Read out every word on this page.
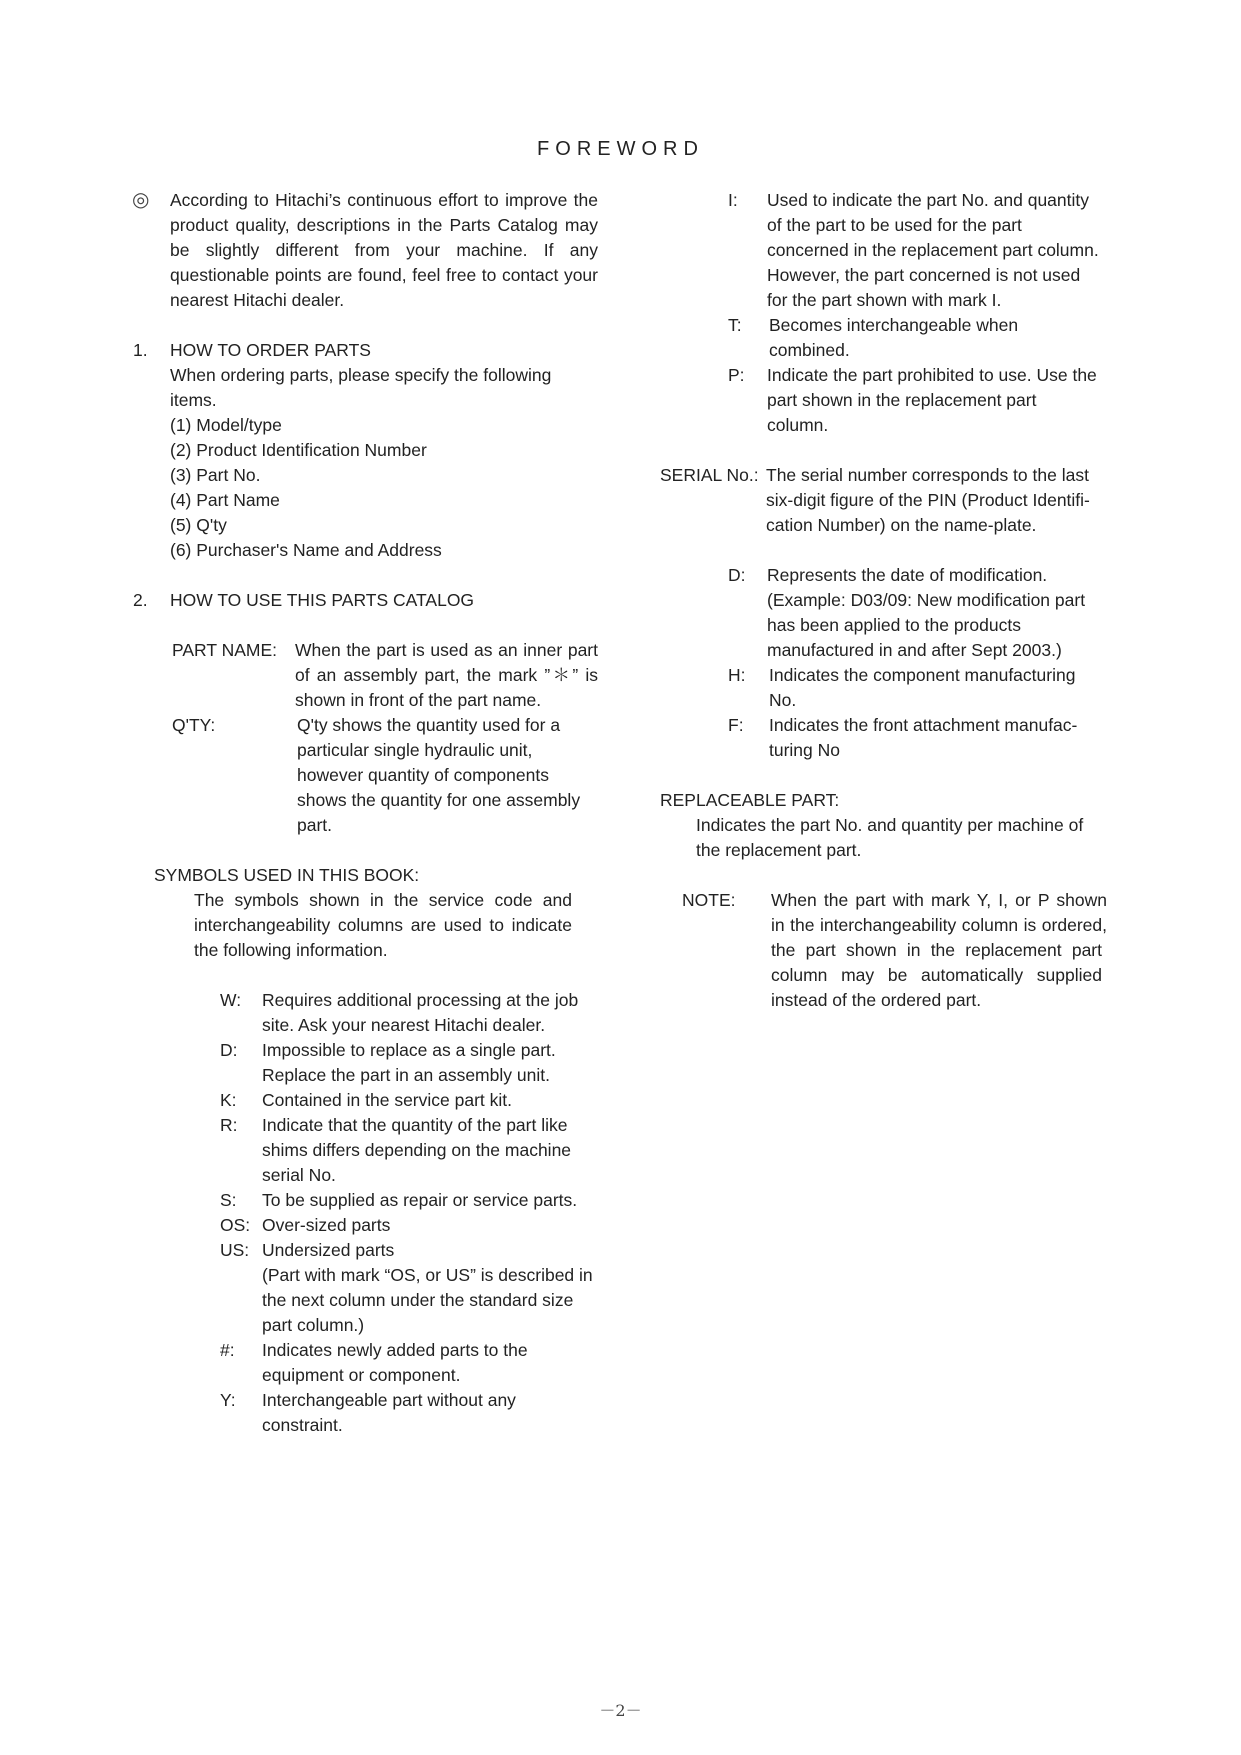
FOREWORD
◎ According to Hitachi’s continuous effort to improve the
product quality, descriptions in the Parts Catalog may
be slightly different from your machine. If any
questionable points are found, feel free to contact your
nearest Hitachi dealer.
1. HOW TO ORDER PARTS
When ordering parts, please specify the following
items.
(1) Model/type
(2) Product Identification Number
(3) Part No.
(4) Part Name
(5) Q'ty
(6) Purchaser's Name and Address
2. HOW TO USE THIS PARTS CATALOG
PART NAME: When the part is used as an inner part
of an assembly part, the mark ”＊” is
shown in front of the part name.
Q'TY:	Q'ty shows the quantity used for a
particular single hydraulic unit,
however quantity of components
shows the quantity for one assembly
part.
SYMBOLS USED IN THIS BOOK:
The symbols shown in the service code and
interchangeability columns are used to indicate
the following information.
W: Requires additional processing at the job
site. Ask your nearest Hitachi dealer.
D: Impossible to replace as a single part.
Replace the part in an assembly unit.
K: Contained in the service part kit.
R: Indicate that the quantity of the part like
shims differs depending on the machine
serial No.
S: To be supplied as repair or service parts.
OS: Over-sized parts
US: Undersized parts
(Part with mark “OS, or US” is described in
the next column under the standard size
part column.)
#: Indicates newly added parts to the
equipment or component.
Y: Interchangeable part without any
constraint.
I: Used to indicate the part No. and quantity
of the part to be used for the part
concerned in the replacement part column.
However, the part concerned is not used
for the part shown with mark I.
T: Becomes interchangeable when
combined.
P: Indicate the part prohibited to use. Use the
part shown in the replacement part
column.
SERIAL No.: The serial number corresponds to the last
six-digit figure of the PIN (Product Identifi-
cation Number) on the name-plate.
D: Represents the date of modification.
(Example: D03/09: New modification part
has been applied to the products
manufactured in and after Sept 2003.)
H: Indicates the component manufacturing
No.
F: Indicates the front attachment manufac-
turing No
REPLACEABLE PART:
Indicates the part No. and quantity per machine of
the replacement part.
NOTE: When the part with mark Y, I, or P shown
in the interchangeability column is ordered,
the part shown in the replacement part
column may be automatically supplied
instead of the ordered part.
－2－
